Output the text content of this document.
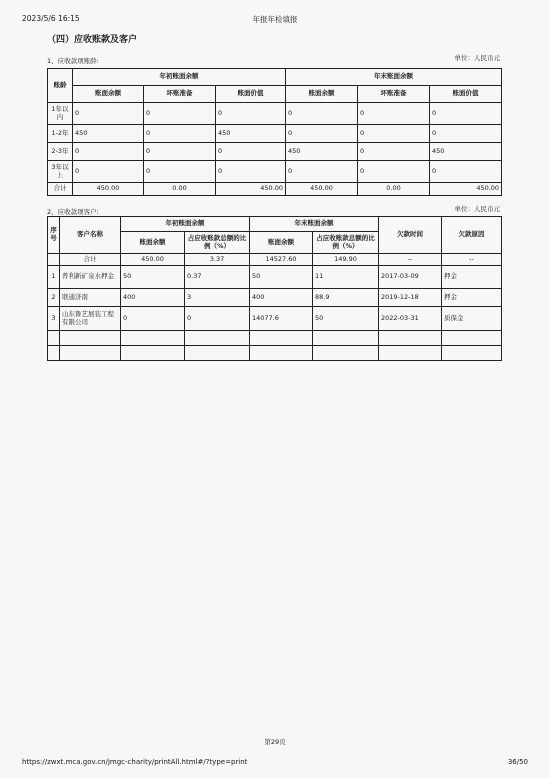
2023/5/6 16:15	年报年检填报
（四）应收账款及客户
1、应收款项账龄:	单位：人民币元
账龄	年初账面余额			年末账面余额		
	账面余额	坏账准备	账面价值	账面余额	坏账准备	账面价值
1年以内	0	0	0	0	0	0
1-2年	450	0	450	0	0	0
2-3年	0	0	0	450	0	450
3年以上	0	0	0	0	0	0
合计	450.00	0.00	450.00	450.00	0.00	450.00
2、应收款项客户:	单位：人民币元
序号	客户名称	年初账面余额		年末账面余额		欠款时间	欠款原因
		账面余额	占应收账款总额的比例（%）	账面余额	占应收账款总额的比例（%）		
	合计	450.00	3.37	14527.60	149.90	--	--
1	普利新矿泉水押金	50	0.37	50	11	2017-03-09	押金
2	联通济南	400	3	400	88.9	2019-12-18	押金
3	山东鲁艺展装工程有限公司	0	0	14077.6	50	2022-03-31	质保金

第29页
https://zwxt.mca.gov.cn/jmgc-charity/printAll.html#/?type=print	36/50
